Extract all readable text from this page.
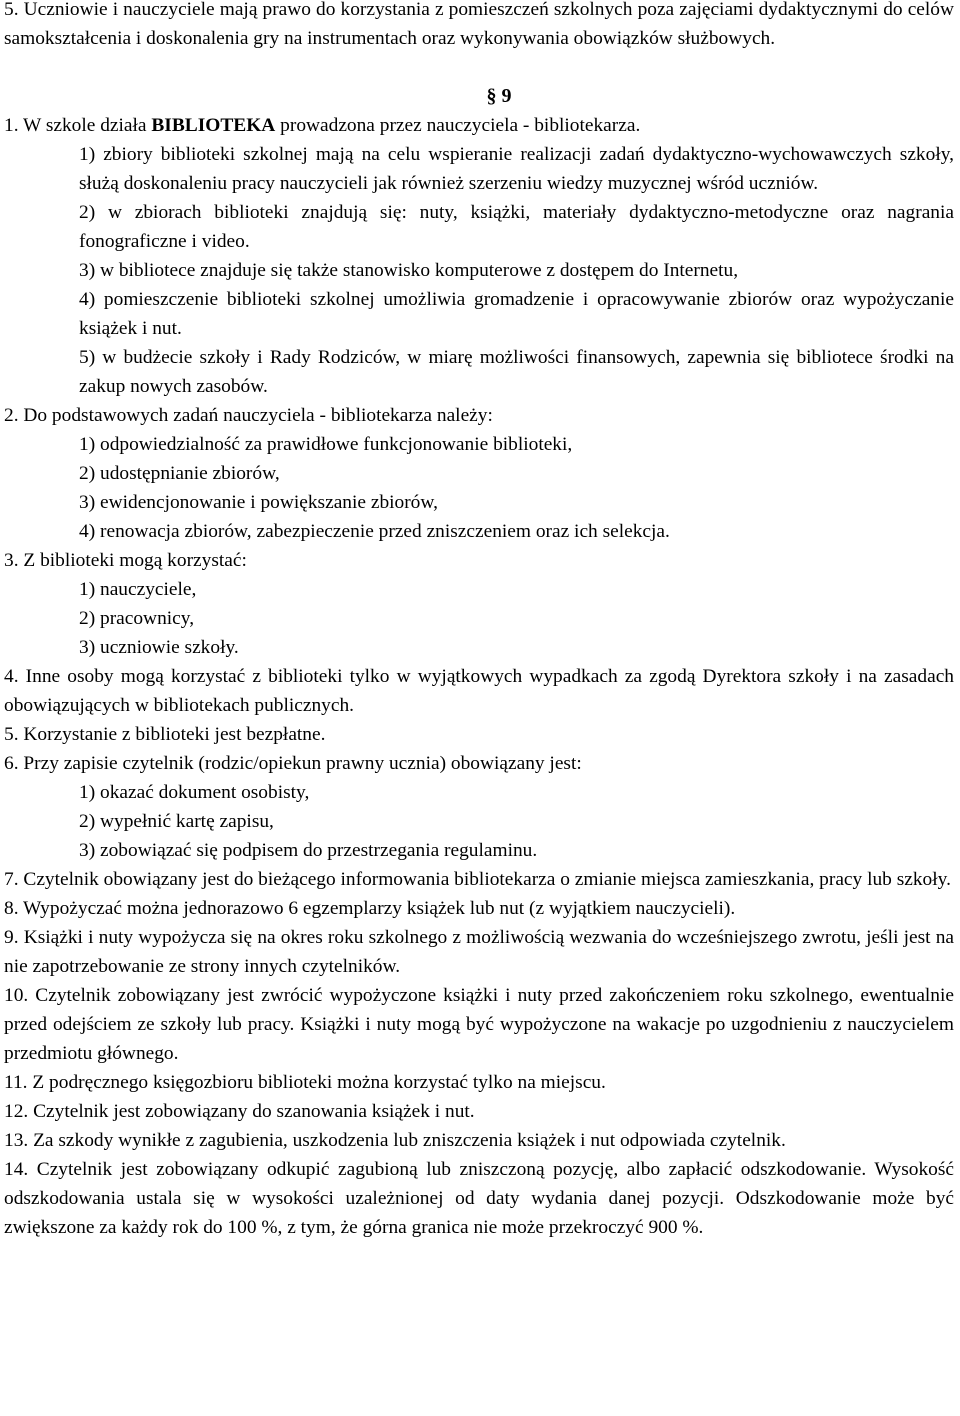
5. Uczniowie i nauczyciele mają prawo do korzystania z pomieszczeń szkolnych poza zajęciami dydaktycznymi do celów samokształcenia i doskonalenia gry na instrumentach oraz wykonywania obowiązków służbowych.

§ 9

1. W szkole działa BIBLIOTEKA prowadzona przez nauczyciela - bibliotekarza.

1) zbiory biblioteki szkolnej mają na celu wspieranie realizacji zadań dydaktyczno-wychowawczych szkoły, służą doskonaleniu pracy nauczycieli jak również szerzeniu wiedzy muzycznej wśród uczniów.

2) w zbiorach biblioteki znajdują się: nuty, książki, materiały dydaktyczno-metodyczne oraz nagrania fonograficzne i video.

3) w bibliotece znajduje się także stanowisko komputerowe z dostępem do Internetu,

4) pomieszczenie biblioteki szkolnej umożliwia gromadzenie i opracowywanie zbiorów oraz wypożyczanie książek i nut.

5) w budżecie szkoły i Rady Rodziców, w miarę możliwości finansowych, zapewnia się bibliotece środki na zakup nowych zasobów.

2. Do podstawowych zadań nauczyciela - bibliotekarza należy:

1) odpowiedzialność za prawidłowe funkcjonowanie biblioteki,

2) udostępnianie zbiorów,

3) ewidencjonowanie i powiększanie zbiorów,

4) renowacja zbiorów, zabezpieczenie przed zniszczeniem oraz ich selekcja.

3. Z biblioteki mogą korzystać:

1) nauczyciele,

2) pracownicy,

3) uczniowie szkoły.

4. Inne osoby mogą korzystać z biblioteki tylko w wyjątkowych wypadkach za zgodą Dyrektora szkoły i na zasadach obowiązujących w bibliotekach publicznych.

5. Korzystanie z biblioteki jest bezpłatne.

6. Przy zapisie czytelnik (rodzic/opiekun prawny ucznia) obowiązany jest:

1) okazać dokument osobisty,

2) wypełnić kartę zapisu,

3) zobowiązać się podpisem do przestrzegania regulaminu.

7. Czytelnik obowiązany jest do bieżącego informowania bibliotekarza o zmianie miejsca zamieszkania, pracy lub szkoły.

8. Wypożyczać można jednorazowo 6 egzemplarzy książek lub nut (z wyjątkiem nauczycieli).

9. Książki i nuty wypożycza się na okres roku szkolnego z możliwością wezwania do wcześniejszego zwrotu, jeśli jest na nie zapotrzebowanie ze strony innych czytelników.

10. Czytelnik zobowiązany jest zwrócić wypożyczone książki i nuty przed zakończeniem roku szkolnego, ewentualnie przed odejściem ze szkoły lub pracy. Książki i nuty mogą być wypożyczone na wakacje po uzgodnieniu z nauczycielem przedmiotu głównego.

11. Z podręcznego księgozbioru biblioteki można korzystać tylko na miejscu.

12. Czytelnik jest zobowiązany do szanowania książek i nut.

13. Za szkody wynikłe z zagubienia, uszkodzenia lub zniszczenia książek i nut odpowiada czytelnik.

14. Czytelnik jest zobowiązany odkupić zagubioną lub zniszczoną pozycję, albo zapłacić odszkodowanie. Wysokość odszkodowania ustala się w wysokości uzależnionej od daty wydania danej pozycji. Odszkodowanie może być zwiększone za każdy rok do 100 %, z tym, że górna granica nie może przekroczyć 900 %.
